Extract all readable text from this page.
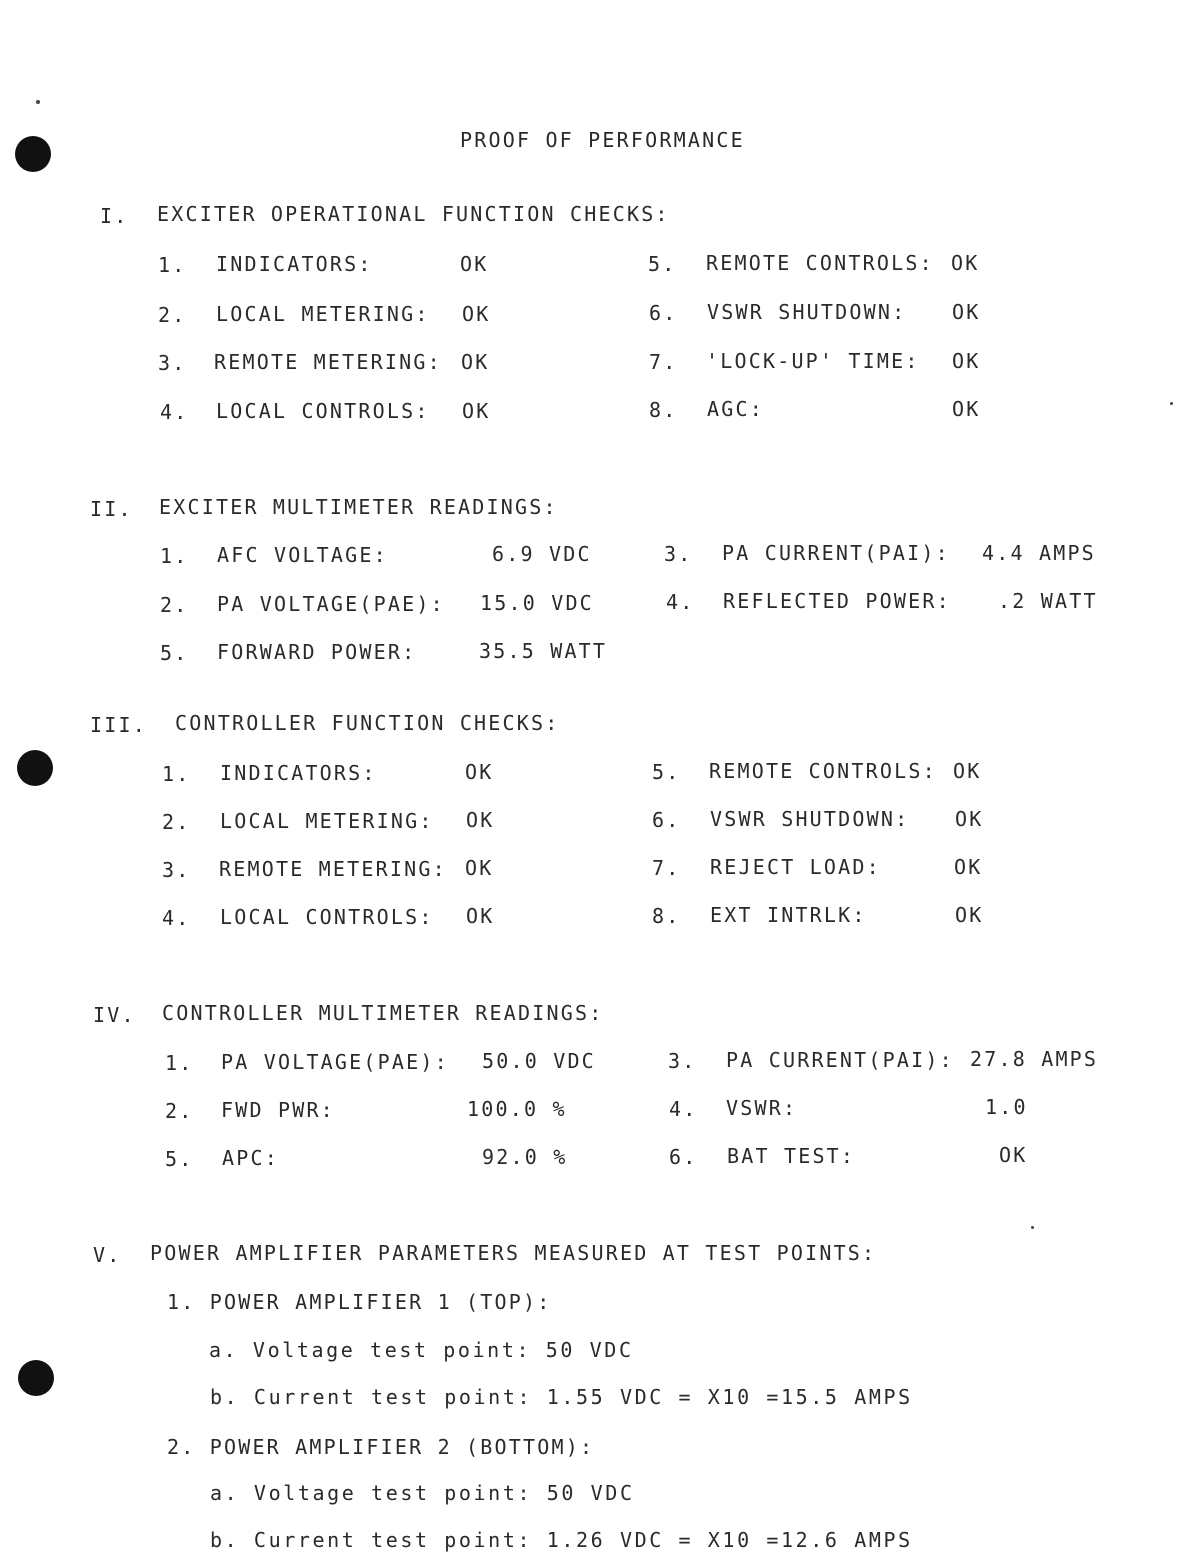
PROOF OF PERFORMANCE
I. EXCITER OPERATIONAL FUNCTION CHECKS:
1. INDICATORS:	OK
2. LOCAL METERING: OK
3. REMOTE METERING: OK
4. LOCAL CONTROLS: OK
5. REMOTE CONTROLS: OK
6. VSWR SHUTDOWN: OK
7. 'LOCK-UP' TIME: OK
8. AGC:	OK
II. EXCITER MULTIMETER READINGS:
1. AFC VOLTAGE:	6.9 VDC
2. PA VOLTAGE(PAE): 15.0 VDC
3. PA CURRENT(PAI): 4.4 AMPS
4. REFLECTED POWER: .2 WATT
5. FORWARD POWER:	35.5 WATT
III. CONTROLLER FUNCTION CHECKS:
1. INDICATORS:	OK
2. LOCAL METERING: OK
3. REMOTE METERING: OK
4. LOCAL CONTROLS: OK
5. REMOTE CONTROLS: OK
6. VSWR SHUTDOWN: OK
7. REJECT LOAD:	OK
8. EXT INTRLK:	OK
IV. CONTROLLER MULTIMETER READINGS:
1. PA VOLTAGE(PAE): 50.0 VDC
2. FWD PWR:	100.0 %
5. APC:	92.0 %
3. PA CURRENT(PAI): 27.8 AMPS
4. VSWR:	1.0
6. BAT TEST:	OK
V. POWER AMPLIFIER PARAMETERS MEASURED AT TEST POINTS:
1. POWER AMPLIFIER 1 (TOP):
a. Voltage test point: 50 VDC
b. Current test point: 1.55 VDC = X10 =15.5 AMPS
2. POWER AMPLIFIER 2 (BOTTOM):
a. Voltage test point: 50 VDC
b. Current test point: 1.26 VDC = X10 =12.6 AMPS
